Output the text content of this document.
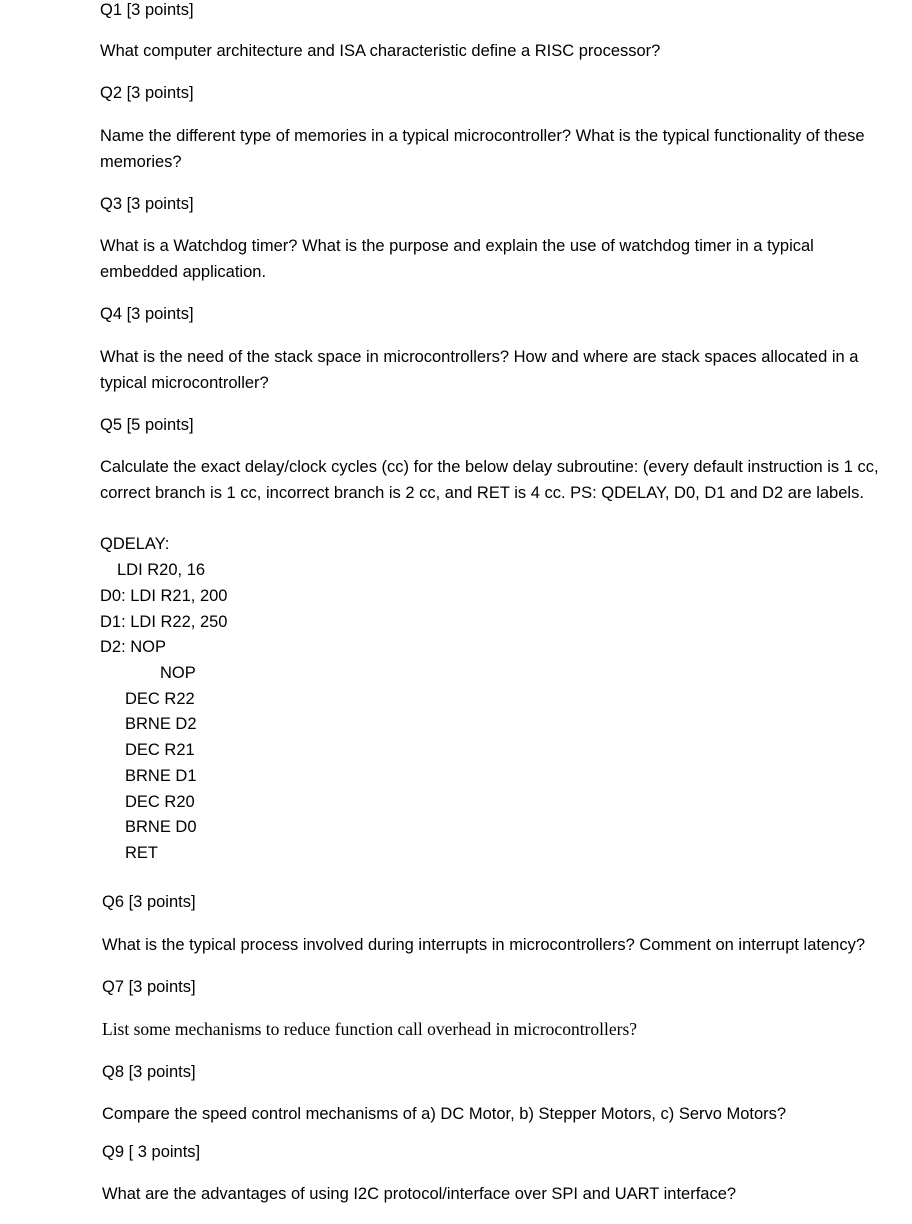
Q1 [3 points]

What computer architecture and ISA characteristic define a RISC processor?

Q2 [3 points]

Name the different type of memories in a typical microcontroller? What is the typical functionality of these memories?

Q3 [3 points]

What is a Watchdog timer? What is the purpose and explain the use of watchdog timer in a typical embedded application.

Q4 [3 points]

What is the need of the stack space in microcontrollers? How and where are stack spaces allocated in a typical microcontroller?

Q5 [5 points]

Calculate the exact delay/clock cycles (cc) for the below delay subroutine: (every default instruction is 1 cc, correct branch is 1 cc, incorrect branch is 2 cc, and RET is 4 cc. PS: QDELAY, D0, D1 and D2 are labels.

QDELAY:

LDI R20, 16

D0: LDI R21, 200

D1: LDI R22, 250

D2: NOP

NOP

DEC R22

BRNE D2

DEC R21

BRNE D1

DEC R20

BRNE D0

RET

Q6 [3 points]

What is the typical process involved during interrupts in microcontrollers? Comment on interrupt latency?

Q7 [3 points]

List some mechanisms to reduce function call overhead in microcontrollers?

Q8 [3 points]

Compare the speed control mechanisms of a) DC Motor, b) Stepper Motors, c) Servo Motors?

Q9 [ 3 points]

What are the advantages of using I2C protocol/interface over SPI and UART interface?
